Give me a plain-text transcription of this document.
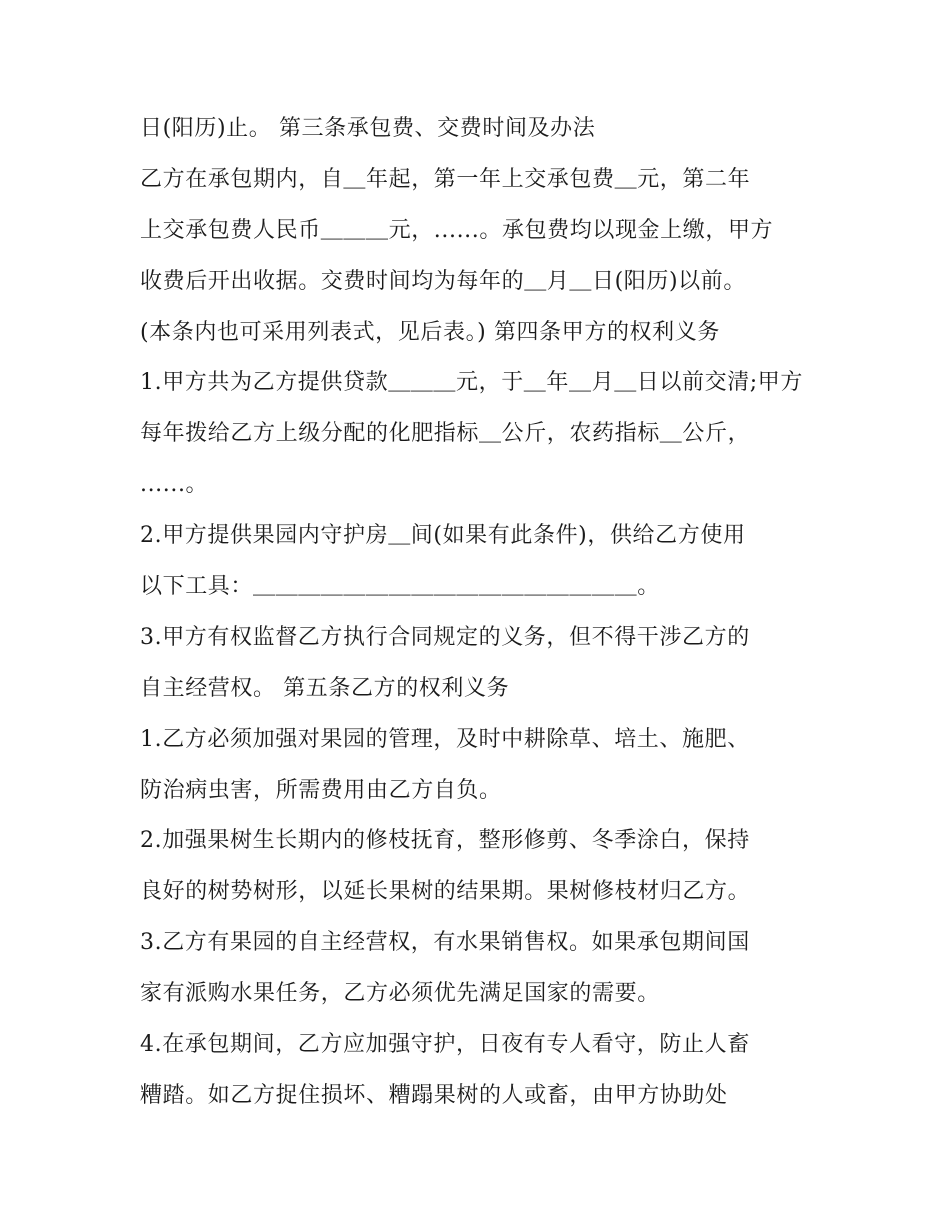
日(阳历)止。 第三条承包费、交费时间及办法
乙方在承包期内，自＿年起，第一年上交承包费＿元，第二年
上交承包费人民币＿＿＿元，......。承包费均以现金上缴，甲方
收费后开出收据。交费时间均为每年的＿月＿日(阳历)以前。
(本条内也可采用列表式，见后表。) 第四条甲方的权利义务
1.甲方共为乙方提供贷款＿＿＿元，于＿年＿月＿日以前交清;甲方
每年拨给乙方上级分配的化肥指标＿公斤，农药指标＿公斤，
......。
2.甲方提供果园内守护房＿间(如果有此条件)，供给乙方使用
以下工具：＿＿＿＿＿＿＿＿＿＿＿＿＿＿＿＿＿。
3.甲方有权监督乙方执行合同规定的义务，但不得干涉乙方的
自主经营权。 第五条乙方的权利义务
1.乙方必须加强对果园的管理，及时中耕除草、培土、施肥、
防治病虫害，所需费用由乙方自负。
2.加强果树生长期内的修枝抚育，整形修剪、冬季涂白，保持
良好的树势树形，以延长果树的结果期。果树修枝材归乙方。
3.乙方有果园的自主经营权，有水果销售权。如果承包期间国
家有派购水果任务，乙方必须优先满足国家的需要。
4.在承包期间，乙方应加强守护，日夜有专人看守，防止人畜
糟踏。如乙方捉住损坏、糟蹋果树的人或畜，由甲方协助处
